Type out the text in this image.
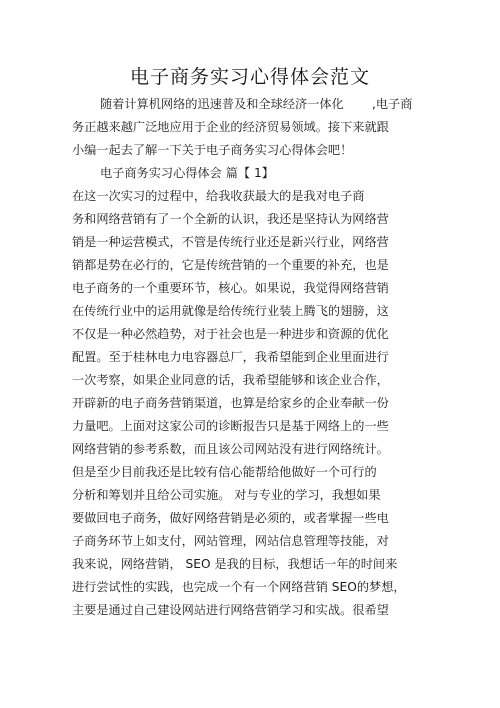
电子商务实习心得体会范文
随着计算机网络的迅速普及和全球经济一体化	,电子商
务正越来越广泛地应用于企业的经济贸易领域。接下来就跟
小编一起去了解一下关于电子商务实习心得体会吧！
电子商务实习心得体会 篇【 1】
在这一次实习的过程中，给我收获最大的是我对电子商
务和网络营销有了一个全新的认识，我还是坚持认为网络营
销是一种运营模式，不管是传统行业还是新兴行业，网络营
销都是势在必行的，它是传统营销的一个重要的补充，也是
电子商务的一个重要环节，核心。如果说，我觉得网络营销
在传统行业中的运用就像是给传统行业装上腾飞的翅膀，这
不仅是一种必然趋势，对于社会也是一种进步和资源的优化
配置。至于桂林电力电容器总厂，我希望能到企业里面进行
一次考察，如果企业同意的话，我希望能够和该企业合作，
开辟新的电子商务营销渠道，也算是给家乡的企业奉献一份
力量吧。上面对这家公司的诊断报告只是基于网络上的一些
网络营销的参考系数，而且该公司网站没有进行网络统计。
但是至少目前我还是比较有信心能帮给他做好一个可行的
分析和筹划并且给公司实施。 对与专业的学习，我想如果
要做回电子商务，做好网络营销是必须的，或者掌握一些电
子商务环节上如支付，网站管理，网站信息管理等技能，对
我来说，网络营销， SEO 是我的目标，我想话一年的时间来
进行尝试性的实践，也完成一个有一个网络营销 SEO的梦想，
主要是通过自己建设网站进行网络营销学习和实战。很希望
